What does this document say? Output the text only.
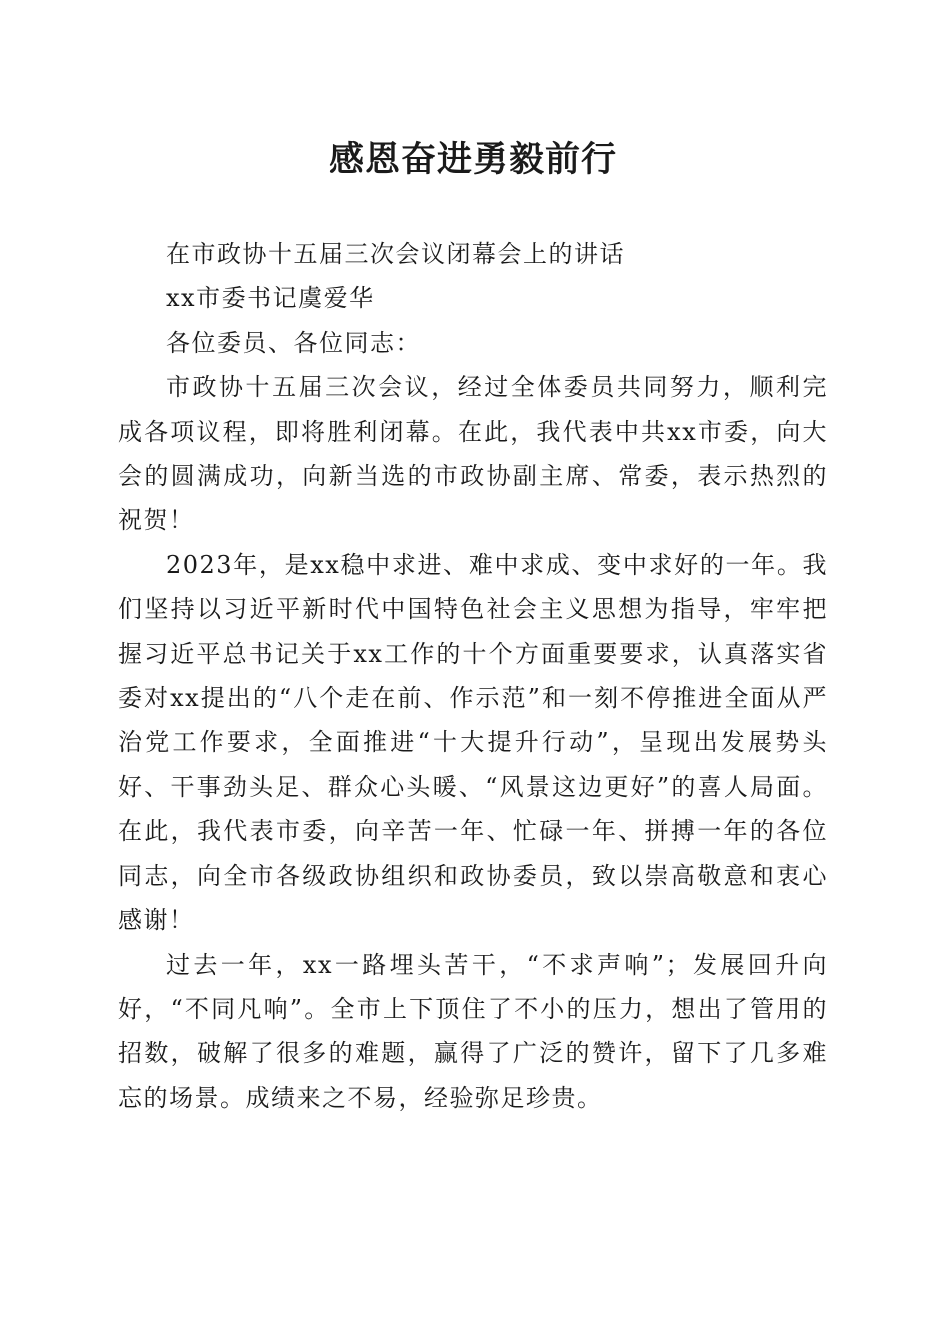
感恩奋进勇毅前行

在市政协十五届三次会议闭幕会上的讲话

xx市委书记虞爱华

各位委员、各位同志：

市政协十五届三次会议，经过全体委员共同努力，顺利完成各项议程，即将胜利闭幕。在此，我代表中共xx市委，向大会的圆满成功，向新当选的市政协副主席、常委，表示热烈的祝贺！

2023年，是xx稳中求进、难中求成、变中求好的一年。我们坚持以习近平新时代中国特色社会主义思想为指导，牢牢把握习近平总书记关于xx工作的十个方面重要要求，认真落实省委对xx提出的“八个走在前、作示范”和一刻不停推进全面从严治党工作要求，全面推进“十大提升行动”，呈现出发展势头好、干事劲头足、群众心头暖、“风景这边更好”的喜人局面。在此，我代表市委，向辛苦一年、忙碌一年、拼搏一年的各位同志，向全市各级政协组织和政协委员，致以崇高敬意和衷心感谢！

过去一年，xx一路埋头苦干，“不求声响”；发展回升向好，“不同凡响”。全市上下顶住了不小的压力，想出了管用的招数，破解了很多的难题，赢得了广泛的赞许，留下了几多难忘的场景。成绩来之不易，经验弥足珍贵。
